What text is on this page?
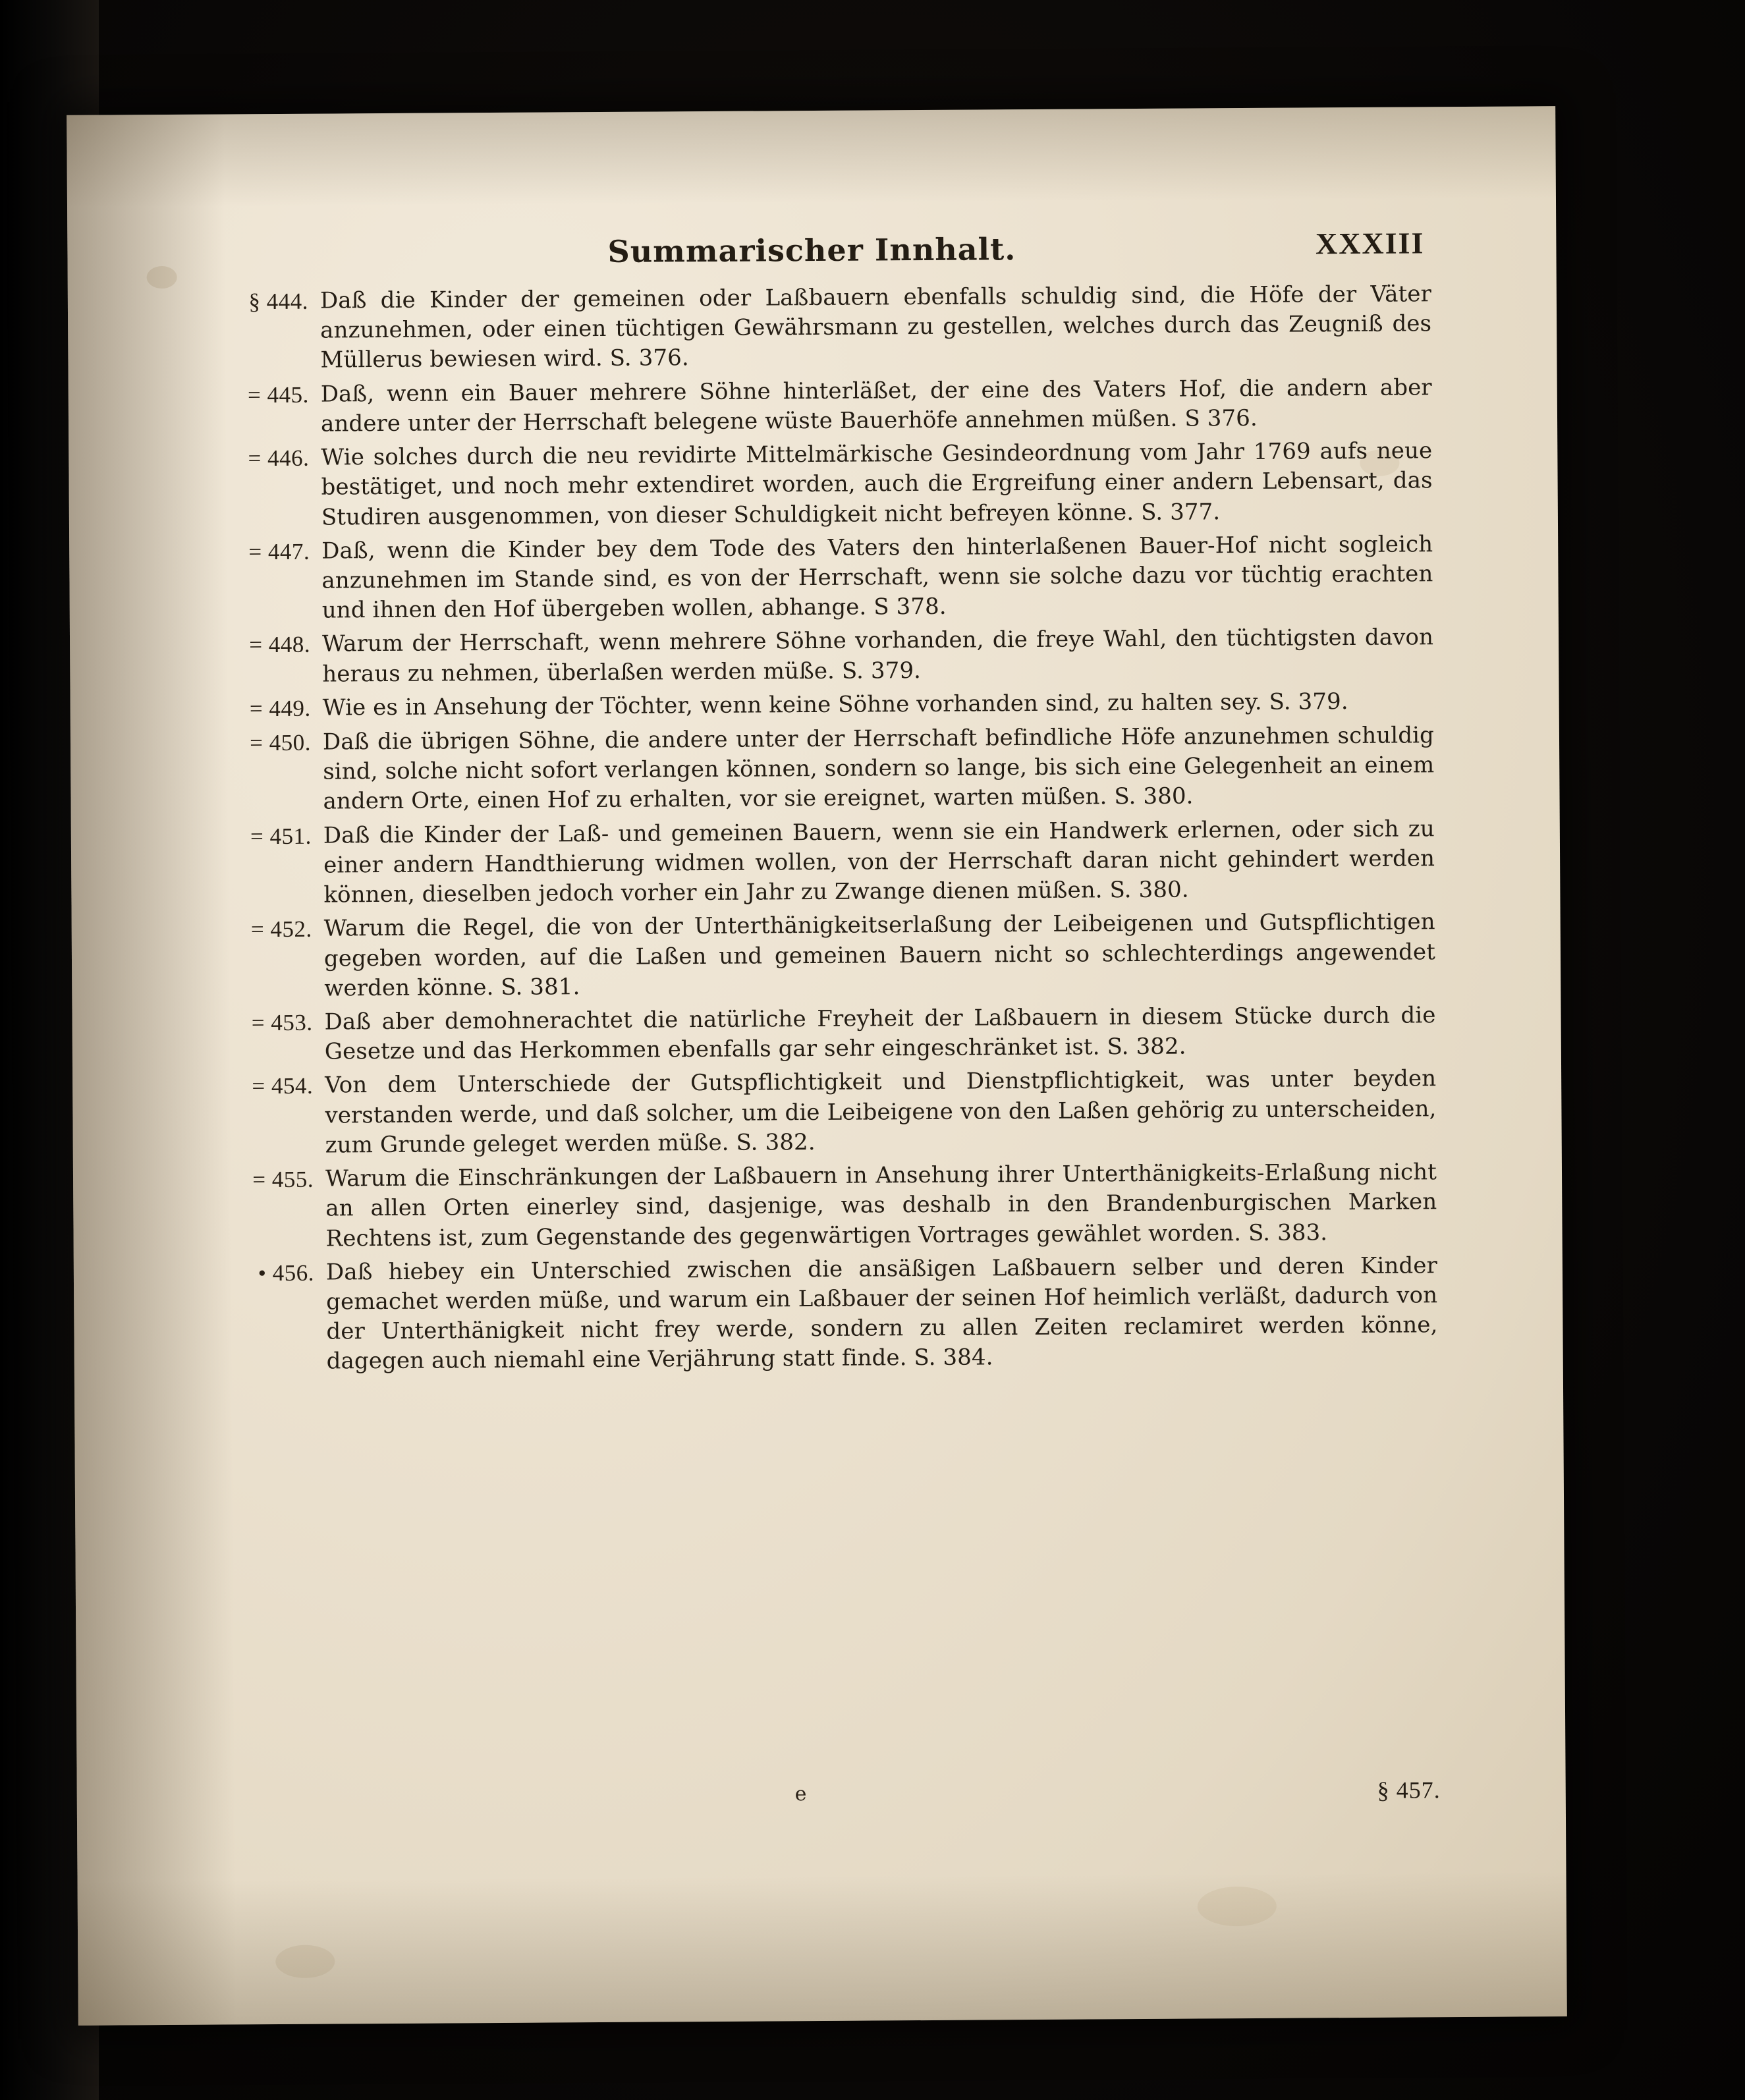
Summarischer Innhalt.	XXXIII
§ 444. Daß die Kinder der gemeinen oder Laßbauern ebenfalls schuldig sind, die Höfe der Väter anzunehmen, oder einen tüchtigen Gewährsmann zu gestellen, welches durch das Zeugniß des Müllerus bewiesen wird. S. 376.
= 445. Daß, wenn ein Bauer mehrere Söhne hinterläßet, der eine des Vaters Hof, die andern aber andere unter der Herrschaft belegene wüste Bauerhöfe annehmen müßen. S 376.
= 446. Wie solches durch die neu revidirte Mittelmärkische Gesindeordnung vom Jahr 1769 aufs neue bestätiget, und noch mehr extendiret worden, auch die Ergreifung einer andern Lebensart, das Studiren ausgenommen, von dieser Schuldigkeit nicht befreyen könne. S. 377.
= 447. Daß, wenn die Kinder bey dem Tode des Vaters den hinterlaßenen Bauer-Hof nicht sogleich anzunehmen im Stande sind, es von der Herrschaft, wenn sie solche dazu vor tüchtig erachten und ihnen den Hof übergeben wollen, abhange. S 378.
= 448. Warum der Herrschaft, wenn mehrere Söhne vorhanden, die freye Wahl, den tüchtigsten davon heraus zu nehmen, überlaßen werden müße. S. 379.
= 449. Wie es in Ansehung der Töchter, wenn keine Söhne vorhanden sind, zu halten sey. S. 379.
= 450. Daß die übrigen Söhne, die andere unter der Herrschaft befindliche Höfe anzunehmen schuldig sind, solche nicht sofort verlangen können, sondern so lange, bis sich eine Gelegenheit an einem andern Orte, einen Hof zu erhalten, vor sie ereignet, warten müßen. S. 380.
= 451. Daß die Kinder der Laß- und gemeinen Bauern, wenn sie ein Handwerk erlernen, oder sich zu einer andern Handthierung widmen wollen, von der Herrschaft daran nicht gehindert werden können, dieselben jedoch vorher ein Jahr zu Zwange dienen müßen. S. 380.
= 452. Warum die Regel, die von der Unterthänigkeitserlaßung der Leibeigenen und Gutspflichtigen gegeben worden, auf die Laßen und gemeinen Bauern nicht so schlechterdings angewendet werden könne. S. 381.
= 453. Daß aber demohnerachtet die natürliche Freyheit der Laßbauern in diesem Stücke durch die Gesetze und das Herkommen ebenfalls gar sehr eingeschränket ist. S. 382.
= 454. Von dem Unterschiede der Gutspflichtigkeit und Dienstpflichtigkeit, was unter beyden verstanden werde, und daß solcher, um die Leibeigene von den Laßen gehörig zu unterscheiden, zum Grunde geleget werden müße. S. 382.
= 455. Warum die Einschränkungen der Laßbauern in Ansehung ihrer Unterthänigkeits-Erlaßung nicht an allen Orten einerley sind, dasjenige, was deshalb in den Brandenburgischen Marken Rechtens ist, zum Gegenstande des gegenwärtigen Vortrages gewählet worden. S. 383.
• 456. Daß hiebey ein Unterschied zwischen die ansäßigen Laßbauern selber und deren Kinder gemachet werden müße, und warum ein Laßbauer der seinen Hof heimlich verläßt, dadurch von der Unterthänigkeit nicht frey werde, sondern zu allen Zeiten reclamiret werden könne, dagegen auch niemahl eine Verjährung statt finde. S. 384.
e	§ 457.
